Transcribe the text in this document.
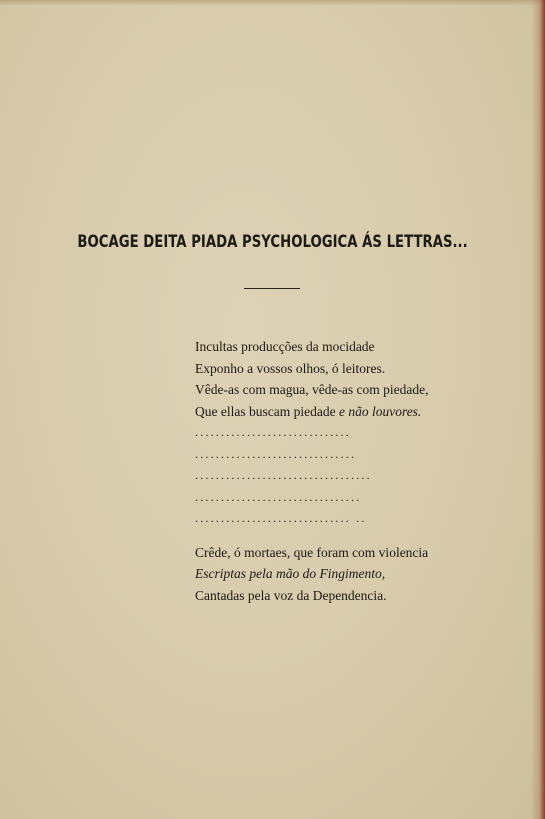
BOCAGE DEITA PIADA PSYCHOLOGICA ÁS LETTRAS...
Incultas producções da mocidade
Exponho a vossos olhos, ó leitores.
Vêde-as com magua, vêde-as com piedade,
Que ellas buscam piedade e não louvores.
..............................
...............................
..................................
................................
.............................. ..
Crêde, ó mortaes, que foram com violencia
Escriptas pela mão do Fingimento,
Cantadas pela voz da Dependencia.
